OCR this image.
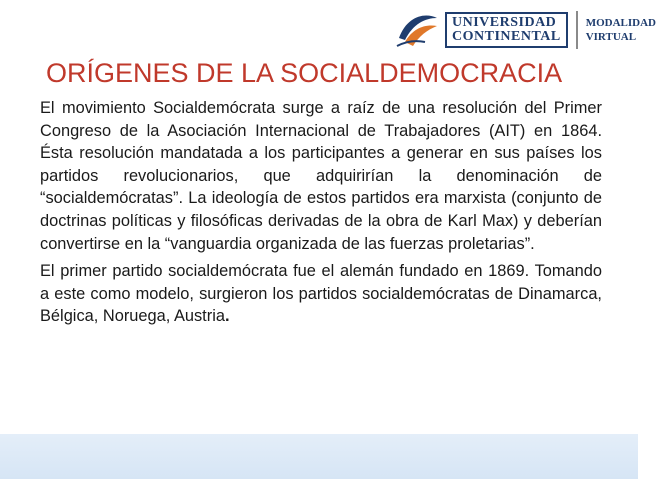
UNIVERSIDAD
CONTINENTAL
MODALIDAD
VIRTUAL
ORÍGENES DE LA SOCIALDEMOCRACIA

El movimiento Socialdemócrata surge a raíz de una resolución del Primer Congreso de la Asociación Internacional de Trabajadores (AIT) en 1864. Ésta resolución mandatada a los participantes a generar en sus países los partidos revolucionarios, que adquirirían la denominación de “socialdemócratas”. La ideología de estos partidos era marxista (conjunto de doctrinas políticas y filosóficas derivadas de la obra de Karl Max) y deberían convertirse en la “vanguardia organizada de las fuerzas proletarias”.

El primer partido socialdemócrata fue el alemán fundado en 1869. Tomando a este como modelo, surgieron los partidos socialdemócratas de Dinamarca, Bélgica, Noruega, Austria.
